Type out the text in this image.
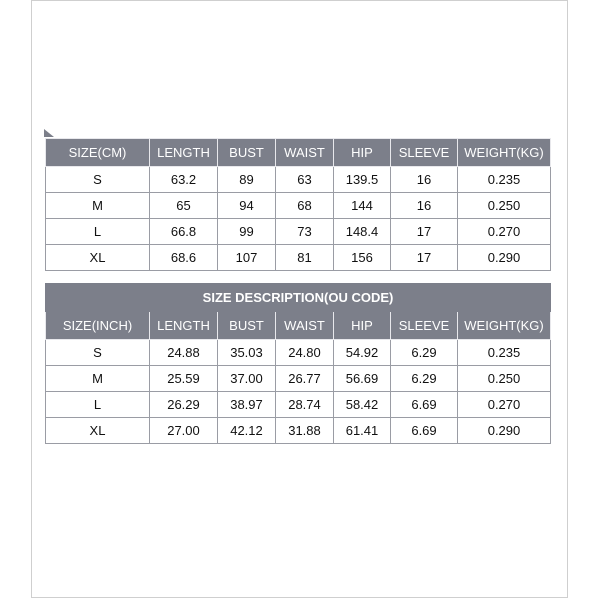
SIZE(CM)	LENGTH	BUST	WAIST	HIP	SLEEVE	WEIGHT(KG)
S	63.2	89	63	139.5	16	0.235
M	65	94	68	144	16	0.250
L	66.8	99	73	148.4	17	0.270
XL	68.6	107	81	156	17	0.290
SIZE DESCRIPTION(OU CODE)						
SIZE(INCH)	LENGTH	BUST	WAIST	HIP	SLEEVE	WEIGHT(KG)
S	24.88	35.03	24.80	54.92	6.29	0.235
M	25.59	37.00	26.77	56.69	6.29	0.250
L	26.29	38.97	28.74	58.42	6.69	0.270
XL	27.00	42.12	31.88	61.41	6.69	0.290
